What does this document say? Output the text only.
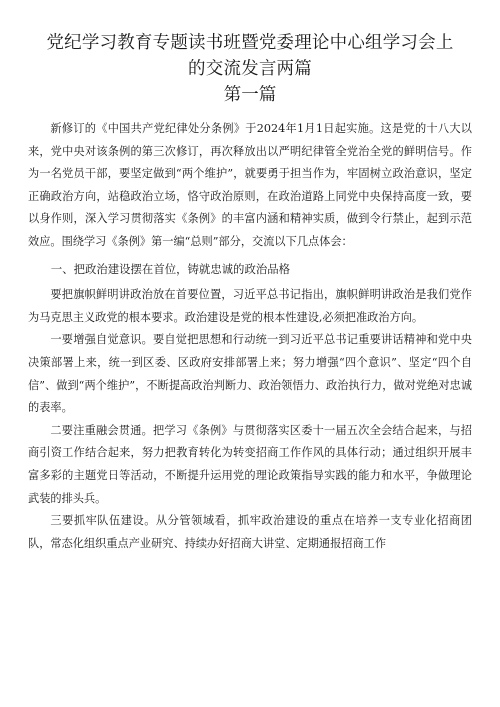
党纪学习教育专题读书班暨党委理论中心组学习会上
的交流发言两篇
第一篇

新修订的《中国共产党纪律处分条例》于2024年1月1日起实施。这是党的十八大以来，党中央对该条例的第三次修订，再次释放出以严明纪律管全党治全党的鲜明信号。作为一名党员干部，要坚定做到“两个维护”，就要勇于担当作为，牢固树立政治意识，坚定正确政治方向，站稳政治立场，恪守政治原则，在政治道路上同党中央保持高度一致，要以身作则，深入学习贯彻落实《条例》的丰富内涵和精神实质，做到令行禁止，起到示范效应。围绕学习《条例》第一编“总则”部分，交流以下几点体会：

一、把政治建设摆在首位，铸就忠诚的政治品格

要把旗帜鲜明讲政治放在首要位置，习近平总书记指出，旗帜鲜明讲政治是我们党作为马克思主义政党的根本要求。政治建设是党的根本性建设,必须把准政治方向。

一要增强自觉意识。要自觉把思想和行动统一到习近平总书记重要讲话精神和党中央决策部署上来，统一到区委、区政府安排部署上来；努力增强“四个意识”、坚定“四个自信”、做到“两个维护”，不断提高政治判断力、政治领悟力、政治执行力，做对党绝对忠诚的表率。

二要注重融会贯通。把学习《条例》与贯彻落实区委十一届五次全会结合起来，与招商引资工作结合起来，努力把教育转化为转变招商工作作风的具体行动；通过组织开展丰富多彩的主题党日等活动，不断提升运用党的理论政策指导实践的能力和水平，争做理论武装的排头兵。

三要抓牢队伍建设。从分管领域看，抓牢政治建设的重点在培养一支专业化招商团队，常态化组织重点产业研究、持续办好招商大讲堂、定期通报招商工作
